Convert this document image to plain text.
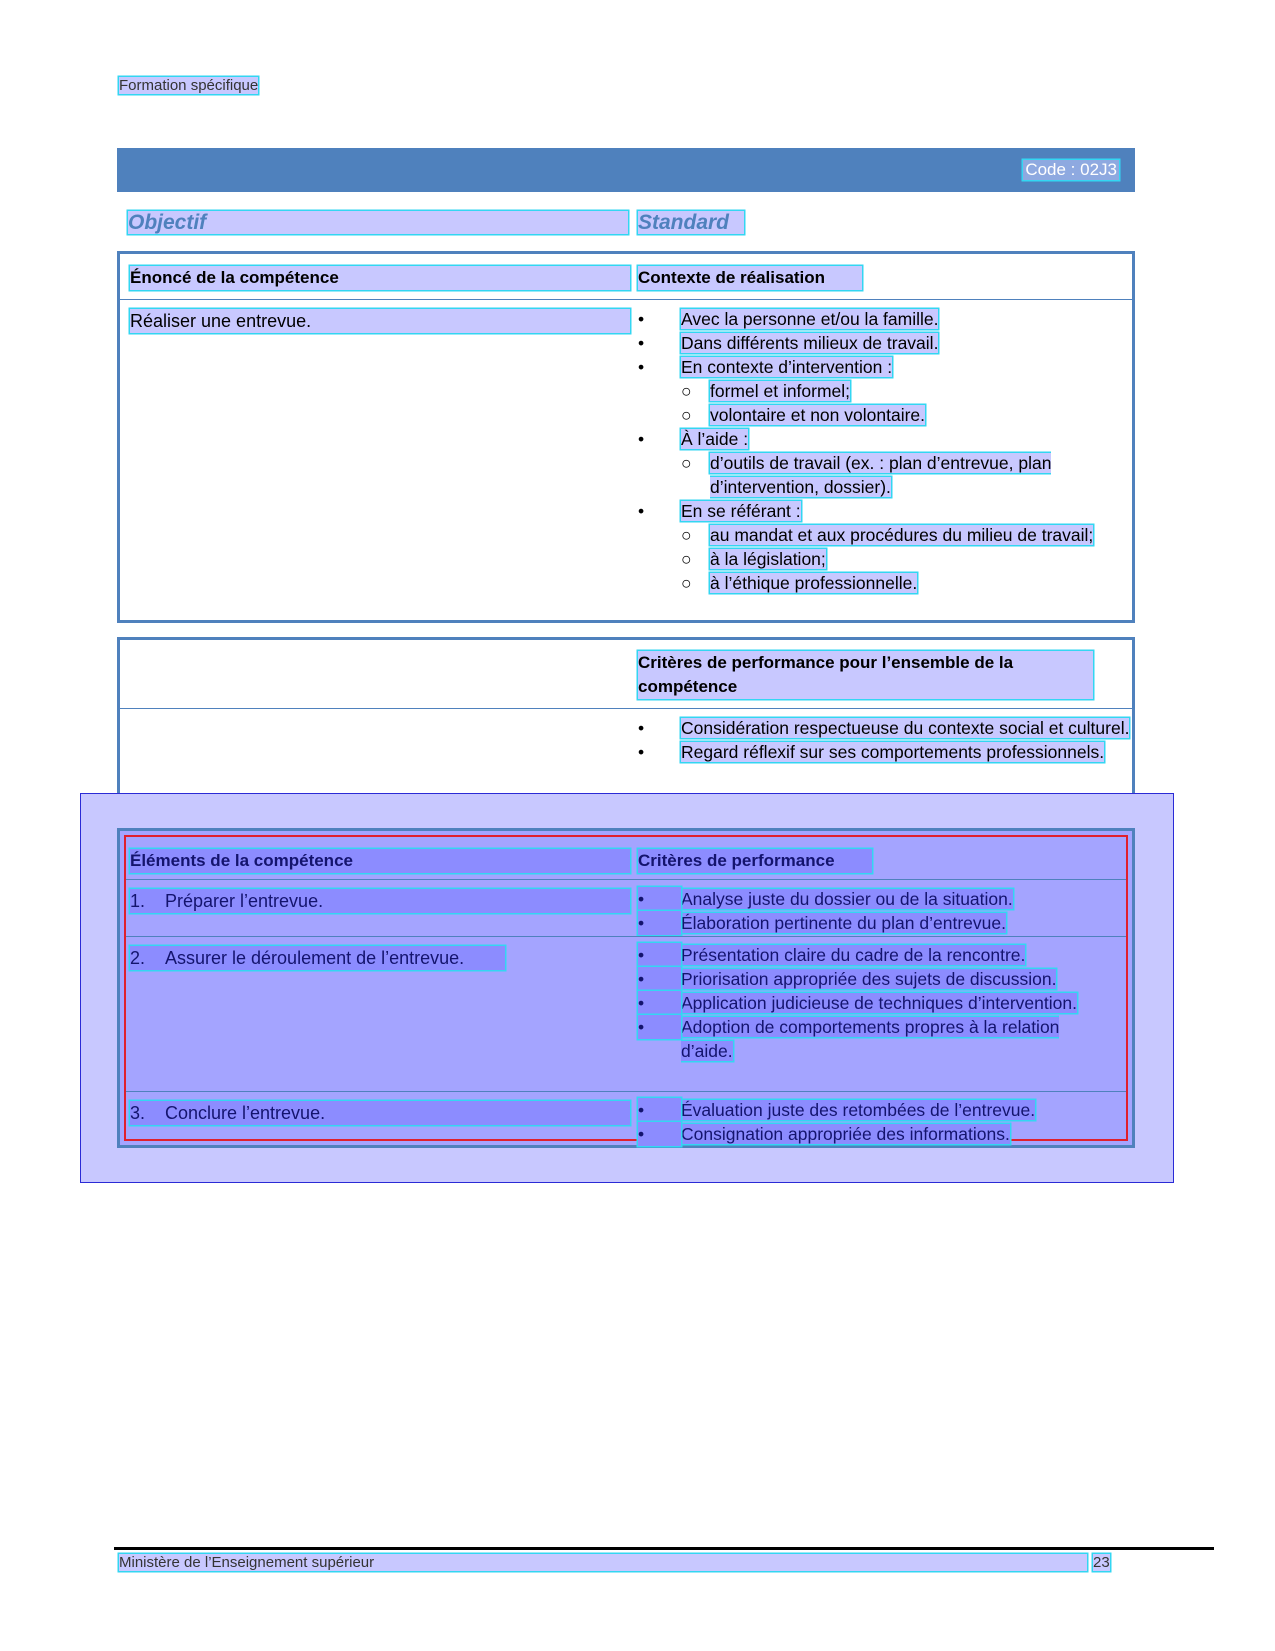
Formation spécifique
Code : 02J3
Objectif	Standard
Énoncé de la compétence	Contexte de réalisation
Réaliser une entrevue.	•	Avec la personne et/ou la famille.
•	Dans différents milieux de travail.
•	En contexte d’intervention :
○	formel et informel;
○	volontaire et non volontaire.
•	À l’aide :
○	d’outils de travail (ex. : plan d’entrevue, plan d’intervention, dossier).
•	En se référant :
○	au mandat et aux procédures du milieu de travail;
○	à la législation;
○	à l’éthique professionnelle.
Critères de performance pour l’ensemble de la compétence
•	Considération respectueuse du contexte social et culturel.
•	Regard réflexif sur ses comportements professionnels.
Éléments de la compétence	Critères de performance
1. Préparer l’entrevue.	•	Analyse juste du dossier ou de la situation.
•	Élaboration pertinente du plan d’entrevue.
2. Assurer le déroulement de l’entrevue.	•	Présentation claire du cadre de la rencontre.
•	Priorisation appropriée des sujets de discussion.
•	Application judicieuse de techniques d’intervention.
•	Adoption de comportements propres à la relation d’aide.
3. Conclure l’entrevue.	•	Évaluation juste des retombées de l’entrevue.
•	Consignation appropriée des informations.
Ministère de l’Enseignement supérieur	23
